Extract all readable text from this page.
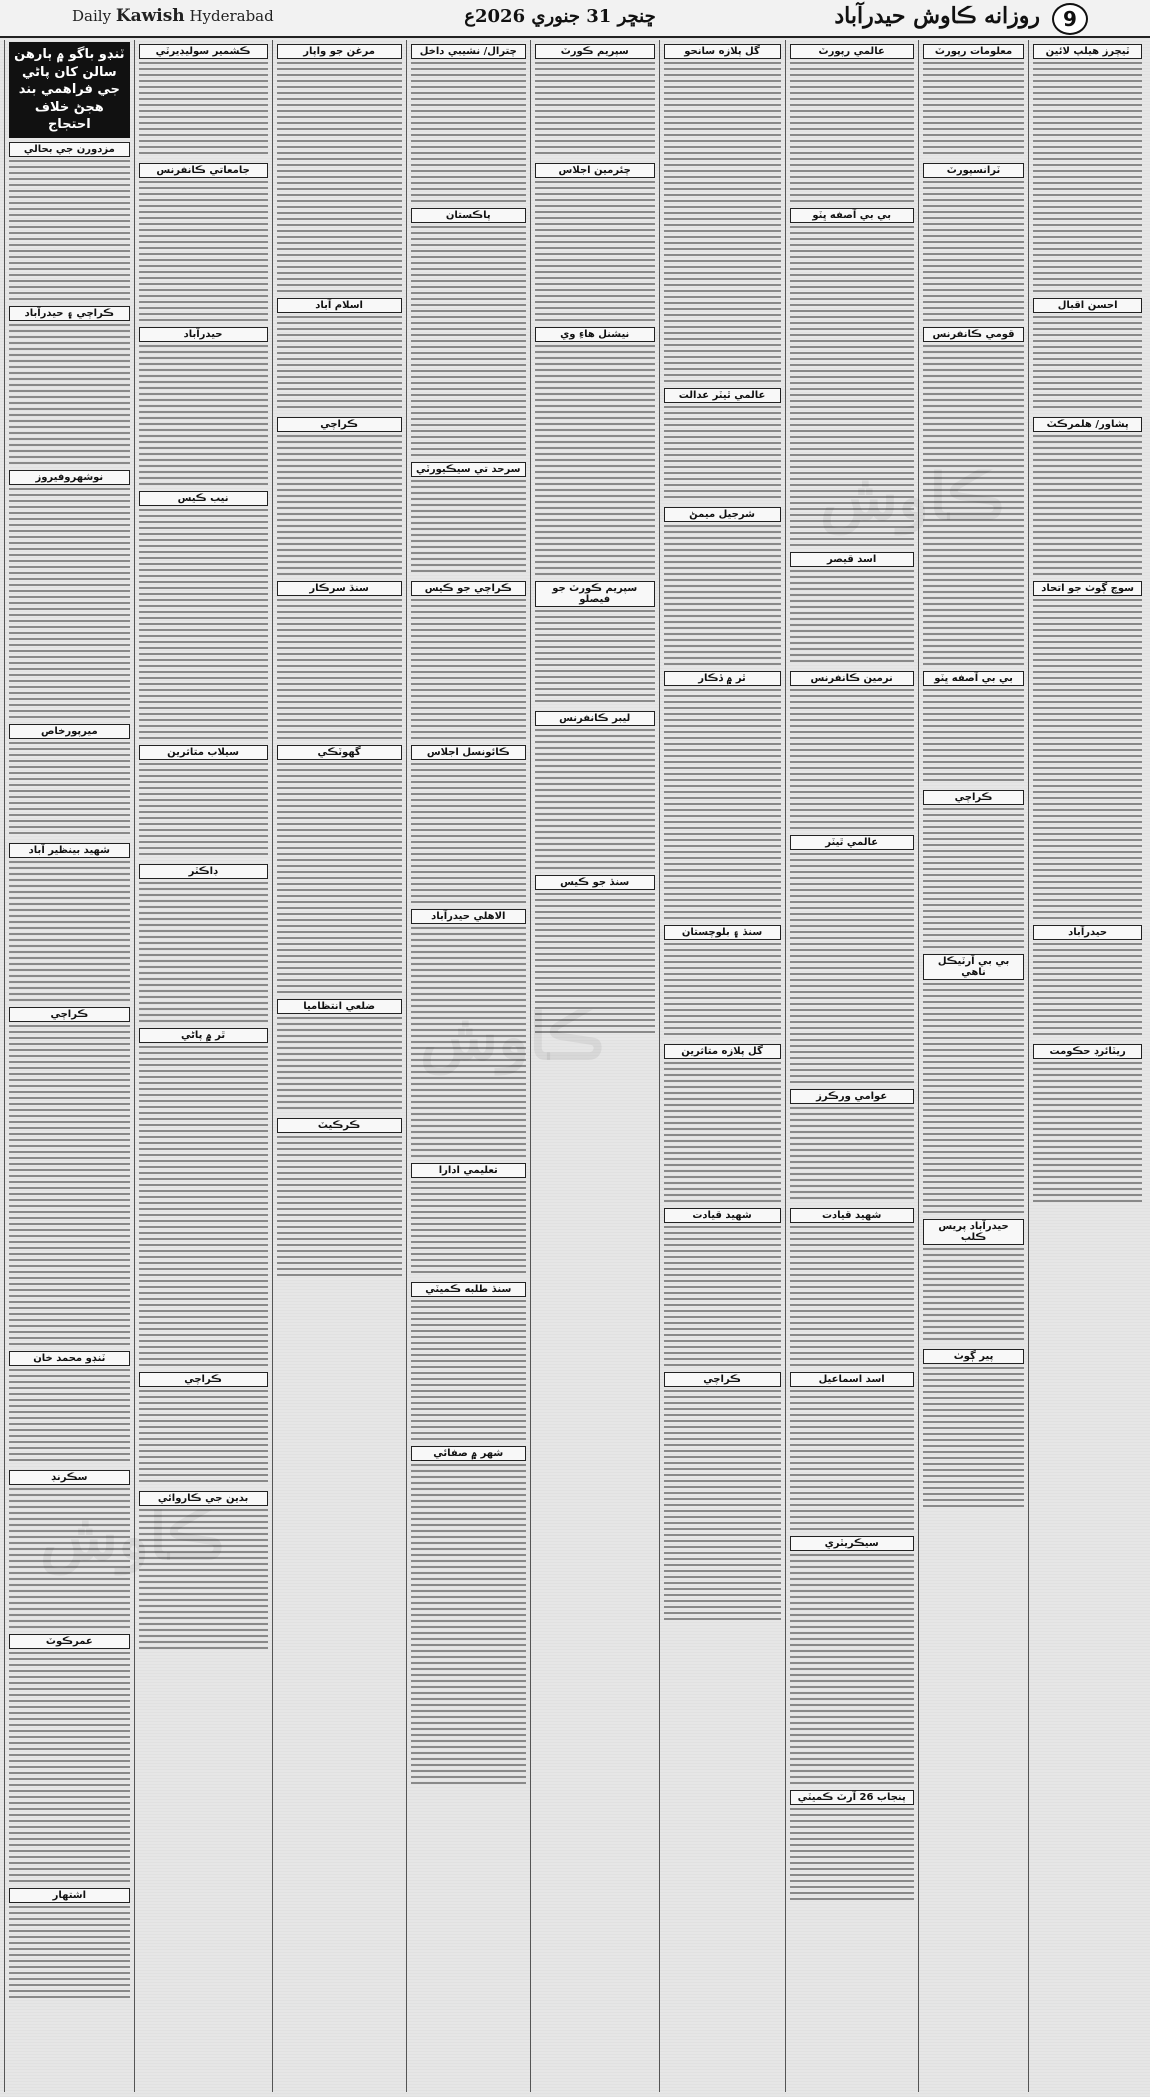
Daily Kawish Hyderabad	ڇنڇر 31 جنوري 2026ع	روزانه ڪاوش حيدرآباد	9
ٽيچرز هيلپ لائين
احسن اقبال
پشاور/ هلمرڪٽ
سوچ ڳوٺ جو اتحاد
حيدرآباد
ريٽائرڊ حڪومت
معلومات رپورٽ
ٽرانسپورٽ
قومي ڪانفرنس
بي بي آصفه ڀٽو
ڪراچي
بي بي آرٽيڪل ناهي
حيدرآباد پريس ڪلب
پير ڳوٺ
عالمي رپورٽ
بي بي آصفه ڀٽو
اسد قيصر
نرمين ڪانفرنس
عالمي ٿيٽر
عوامي ورڪرز
شهيد قيادت
اسد اسماعيل
سيڪريٽري
پنجاب 26 آرٽ ڪميٽي
گل پلازه سانحو
عالمي ٿيٽر عدالت
شرجيل ميمڻ
ٿر ۾ ڏڪار
سنڌ ۽ بلوچستان
گل پلازه متاثرين
شهيد قيادت
ڪراچي
سپريم ڪورٽ
چئرمين اجلاس
نيشنل هاءِ وي
سپريم ڪورٽ جو فيصلو
ليبر ڪانفرنس
سنڌ جو ڪيس
چترال/ نشيبي داخل
پاڪستان
سرحد تي سيڪيورٽي
ڪراچي جو ڪيس
ڪائونسل اجلاس
الاهلي حيدرآباد
تعليمي ادارا
سنڌ طلبه ڪميٽي
شهر ۾ صفائي
مرغن جو واپار
اسلام آباد
ڪراچي
سنڌ سرڪار
گهوٽڪي
ضلعي انتظاميا
ڪرڪيٽ
ڪشمير سوليڊيرٽي
جامعاتي ڪانفرنس
حيدرآباد
نيب ڪيس
سيلاب متاثرين
ڊاڪٽر
ٿر ۾ پاڻي
ڪراچي
بدين جي ڪاروائي
ٽنڊو باگو ۾ ٻارهن سالن کان پاڻي جي فراهمي بند هجڻ خلاف احتجاج
مزدورن جي بحالي
ڪراچي ۽ حيدرآباد
نوشهروفيروز
ميرپورخاص
شهيد بينظير آباد
ڪراچي
ٽنڊو محمد خان
سڪرنڊ
عمرڪوٽ
اشتهار
ڪاوش
